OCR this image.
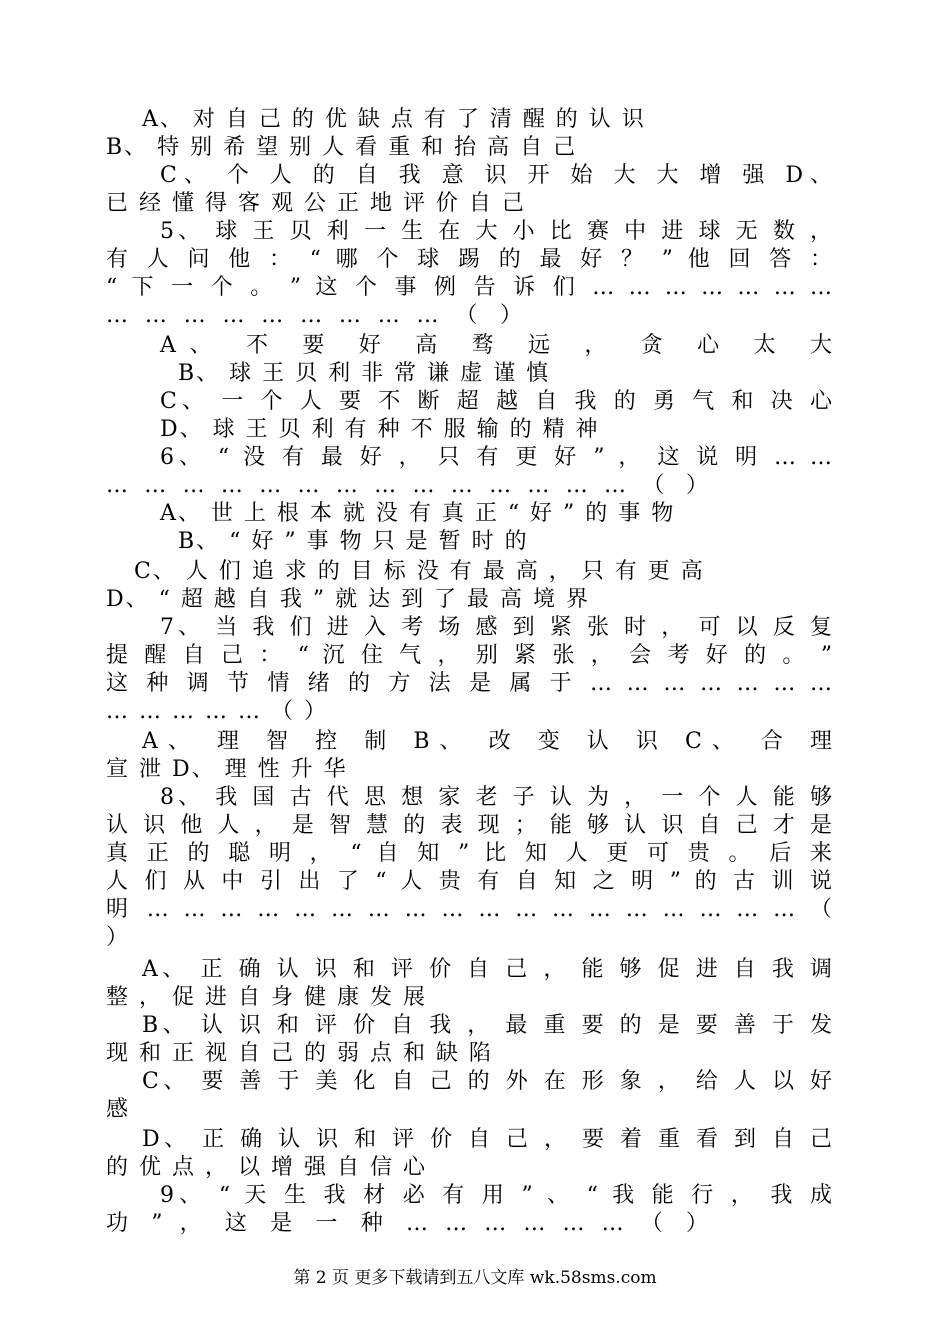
A、 对 自 己 的 优 缺 点 有 了 清 醒 的 认 识
B、 特 别 希 望 别 人 看 重 和 抬 高 自 己
C、 个 人 的 自 我 意 识 开 始 大 大 增 强 D、
已 经 懂 得 客 观 公 正 地 评 价 自 己
5、 球 王 贝 利 一 生 在 大 小 比 赛 中 进 球 无 数 ，
有 人 问 他 ： “ 哪 个 球 踢 的 最 好 ？ ” 他 回 答 ：
“ 下 一 个 。 ” 这 个 事 例 告 诉 们 … … … … … … …
… … … … … … … … … （ ）
A、 不 要 好 高 骛 远 ， 贪 心 太 大
B、 球 王 贝 利 非 常 谦 虚 谨 慎
C、 一 个 人 要 不 断 超 越 自 我 的 勇 气 和 决 心
D、 球 王 贝 利 有 种 不 服 输 的 精 神
6、 “ 没 有 最 好 ， 只 有 更 好 ” ， 这 说 明 … …
… … … … … … … … … … … … … … （ ）
A、 世 上 根 本 就 没 有 真 正 “ 好 ” 的 事 物
B、 “ 好 ” 事 物 只 是 暂 时 的
C、 人 们 追 求 的 目 标 没 有 最 高 ， 只 有 更 高
D、 “ 超 越 自 我 ” 就 达 到 了 最 高 境 界
7、 当 我 们 进 入 考 场 感 到 紧 张 时 ， 可 以 反 复
提 醒 自 己 ： “ 沉 住 气 ， 别 紧 张 ， 会 考 好 的 。 ”
这 种 调 节 情 绪 的 方 法 是 属 于 … … … … … … …
… … … … … （ ）
A、 理 智 控 制 B、 改 变 认 识 C、 合 理
宣 泄 D、 理 性 升 华
8、 我 国 古 代 思 想 家 老 子 认 为 ， 一 个 人 能 够
认 识 他 人 ， 是 智 慧 的 表 现 ； 能 够 认 识 自 己 才 是
真 正 的 聪 明 ， “ 自 知 ” 比 知 人 更 可 贵 。 后 来
人 们 从 中 引 出 了 “ 人 贵 有 自 知 之 明 ” 的 古 训 说
明 … … … … … … … … … … … … … … … … … … （
）
A、 正 确 认 识 和 评 价 自 己 ， 能 够 促 进 自 我 调
整 ， 促 进 自 身 健 康 发 展
B、 认 识 和 评 价 自 我 ， 最 重 要 的 是 要 善 于 发
现 和 正 视 自 己 的 弱 点 和 缺 陷
C、 要 善 于 美 化 自 己 的 外 在 形 象 ， 给 人 以 好
感
D、 正 确 认 识 和 评 价 自 己 ， 要 着 重 看 到 自 己
的 优 点 ， 以 增 强 自 信 心
9、 “ 天 生 我 材 必 有 用 ” 、 “ 我 能 行 ， 我 成
功 ” ， 这 是 一 种 … … … … … … （ ）
第 2 页 更多下载请到五八文库 wk.58sms.com
